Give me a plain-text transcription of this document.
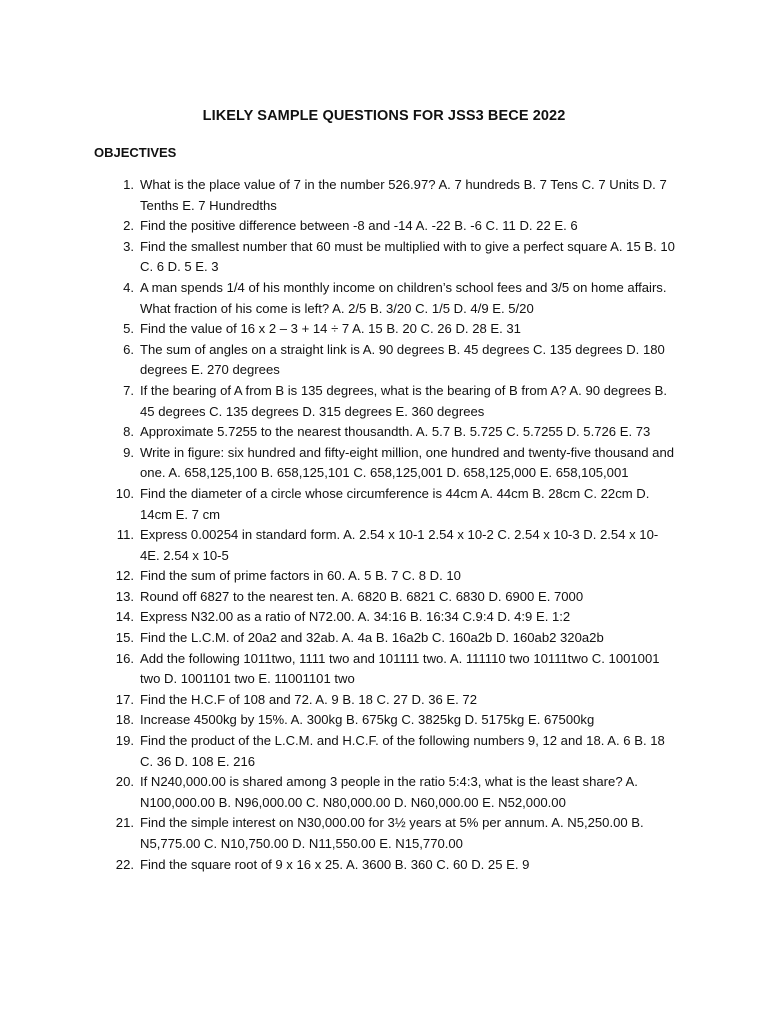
LIKELY SAMPLE QUESTIONS FOR JSS3 BECE 2022
OBJECTIVES
1. What is the place value of 7 in the number 526.97? A. 7 hundreds B. 7 Tens C. 7 Units D. 7 Tenths E. 7 Hundredths
2. Find the positive difference between -8 and -14 A. -22 B. -6 C. 11 D. 22 E. 6
3. Find the smallest number that 60 must be multiplied with to give a perfect square A. 15 B. 10 C. 6 D. 5 E. 3
4. A man spends 1/4 of his monthly income on children’s school fees and 3/5 on home affairs. What fraction of his come is left? A. 2/5 B. 3/20 C. 1/5 D. 4/9 E. 5/20
5. Find the value of 16 x 2 – 3 + 14 ÷ 7 A. 15 B. 20 C. 26 D. 28 E. 31
6. The sum of angles on a straight link is A. 90 degrees B. 45 degrees C. 135 degrees D. 180 degrees E. 270 degrees
7. If the bearing of A from B is 135 degrees, what is the bearing of B from A? A. 90 degrees B. 45 degrees C. 135 degrees D. 315 degrees E. 360 degrees
8. Approximate 5.7255 to the nearest thousandth. A. 5.7 B. 5.725 C. 5.7255 D. 5.726 E. 73
9. Write in figure: six hundred and fifty-eight million, one hundred and twenty-five thousand and one. A. 658,125,100 B. 658,125,101 C. 658,125,001 D. 658,125,000 E. 658,105,001
10. Find the diameter of a circle whose circumference is 44cm A. 44cm B. 28cm C. 22cm D. 14cm E. 7 cm
11. Express 0.00254 in standard form. A. 2.54 x 10-1 2.54 x 10-2 C. 2.54 x 10-3 D. 2.54 x 10-4E. 2.54 x 10-5
12. Find the sum of prime factors in 60. A. 5 B. 7 C. 8 D. 10
13. Round off 6827 to the nearest ten. A. 6820 B. 6821 C. 6830 D. 6900 E. 7000
14. Express N32.00 as a ratio of N72.00. A. 34:16 B. 16:34 C.9:4 D. 4:9 E. 1:2
15. Find the L.C.M. of 20a2 and 32ab. A. 4a B. 16a2b C. 160a2b D. 160ab2 320a2b
16. Add the following 1011two, 1111 two and 101111 two. A. 111110 two 10111two C. 1001001 two D. 1001101 two E. 11001101 two
17. Find the H.C.F of 108 and 72. A. 9 B. 18 C. 27 D. 36 E. 72
18. Increase 4500kg by 15%. A. 300kg B. 675kg C. 3825kg D. 5175kg E. 67500kg
19. Find the product of the L.C.M. and H.C.F. of the following numbers 9, 12 and 18. A. 6 B. 18 C. 36 D. 108 E. 216
20. If N240,000.00 is shared among 3 people in the ratio 5:4:3, what is the least share? A. N100,000.00 B. N96,000.00 C. N80,000.00 D. N60,000.00 E. N52,000.00
21. Find the simple interest on N30,000.00 for 3½ years at 5% per annum. A. N5,250.00 B. N5,775.00 C. N10,750.00 D. N11,550.00 E. N15,770.00
22. Find the square root of 9 x 16 x 25. A. 3600 B. 360 C. 60 D. 25 E. 9
